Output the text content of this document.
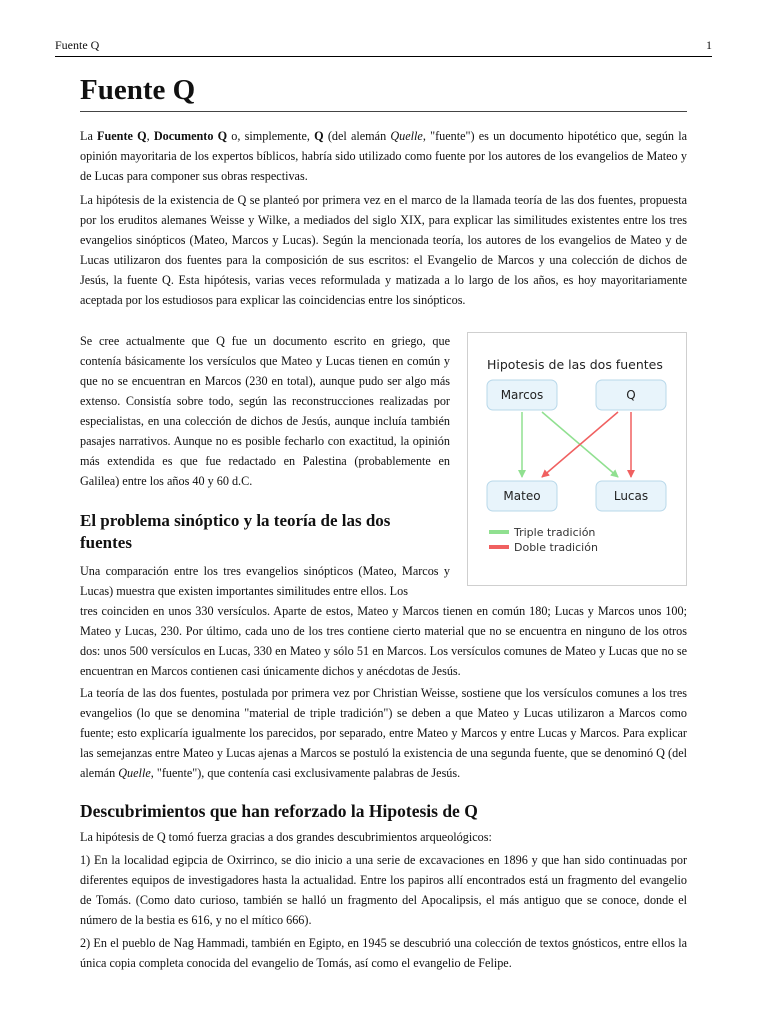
Fuente Q	1
Fuente Q

La Fuente Q, Documento Q o, simplemente, Q (del alemán Quelle, "fuente") es un documento hipotético que, según la opinión mayoritaria de los expertos bíblicos, habría sido utilizado como fuente por los autores de los evangelios de Mateo y de Lucas para componer sus obras respectivas.

La hipótesis de la existencia de Q se planteó por primera vez en el marco de la llamada teoría de las dos fuentes, propuesta por los eruditos alemanes Weisse y Wilke, a mediados del siglo XIX, para explicar las similitudes existentes entre los tres evangelios sinópticos (Mateo, Marcos y Lucas). Según la mencionada teoría, los autores de los evangelios de Mateo y de Lucas utilizaron dos fuentes para la composición de sus escritos: el Evangelio de Marcos y una colección de dichos de Jesús, la fuente Q. Esta hipótesis, varias veces reformulada y matizada a lo largo de los años, es hoy mayoritariamente aceptada por los estudiosos para explicar las coincidencias entre los sinópticos.

Se cree actualmente que Q fue un documento escrito en griego, que contenía básicamente los versículos que Mateo y Lucas tienen en común y que no se encuentran en Marcos (230 en total), aunque pudo ser algo más extenso. Consistía sobre todo, según las reconstrucciones realizadas por especialistas, en una colección de dichos de Jesús, aunque incluía también pasajes narrativos. Aunque no es posible fecharlo con exactitud, la opinión más extendida es que fue redactado en Palestina (probablemente en Galilea) entre los años 40 y 60 d.C.

Hipotesis de las dos fuentes
Marcos	Q
Mateo	Lucas
Triple tradición
Doble tradición
El problema sinóptico y la teoría de las dos fuentes

Una comparación entre los tres evangelios sinópticos (Mateo, Marcos y Lucas) muestra que existen importantes similitudes entre ellos. Los

tres coinciden en unos 330 versículos. Aparte de estos, Mateo y Marcos tienen en común 180; Lucas y Marcos unos 100; Mateo y Lucas, 230. Por último, cada uno de los tres contiene cierto material que no se encuentra en ninguno de los otros dos: unos 500 versículos en Lucas, 330 en Mateo y sólo 51 en Marcos. Los versículos comunes de Mateo y Lucas que no se encuentran en Marcos contienen casi únicamente dichos y anécdotas de Jesús.

La teoría de las dos fuentes, postulada por primera vez por Christian Weisse, sostiene que los versículos comunes a los tres evangelios (lo que se denomina "material de triple tradición") se deben a que Mateo y Lucas utilizaron a Marcos como fuente; esto explicaría igualmente los parecidos, por separado, entre Mateo y Marcos y entre Lucas y Marcos. Para explicar las semejanzas entre Mateo y Lucas ajenas a Marcos se postuló la existencia de una segunda fuente, que se denominó Q (del alemán Quelle, "fuente"), que contenía casi exclusivamente palabras de Jesús.

Descubrimientos que han reforzado la Hipotesis de Q

La hipótesis de Q tomó fuerza gracias a dos grandes descubrimientos arqueológicos:

1) En la localidad egipcia de Oxirrinco, se dio inicio a una serie de excavaciones en 1896 y que han sido continuadas por diferentes equipos de investigadores hasta la actualidad. Entre los papiros allí encontrados está un fragmento del evangelio de Tomás. (Como dato curioso, también se halló un fragmento del Apocalipsis, el más antiguo que se conoce, donde el número de la bestia es 616, y no el mítico 666).

2) En el pueblo de Nag Hammadi, también en Egipto, en 1945 se descubrió una colección de textos gnósticos, entre ellos la única copia completa conocida del evangelio de Tomás, así como el evangelio de Felipe.
